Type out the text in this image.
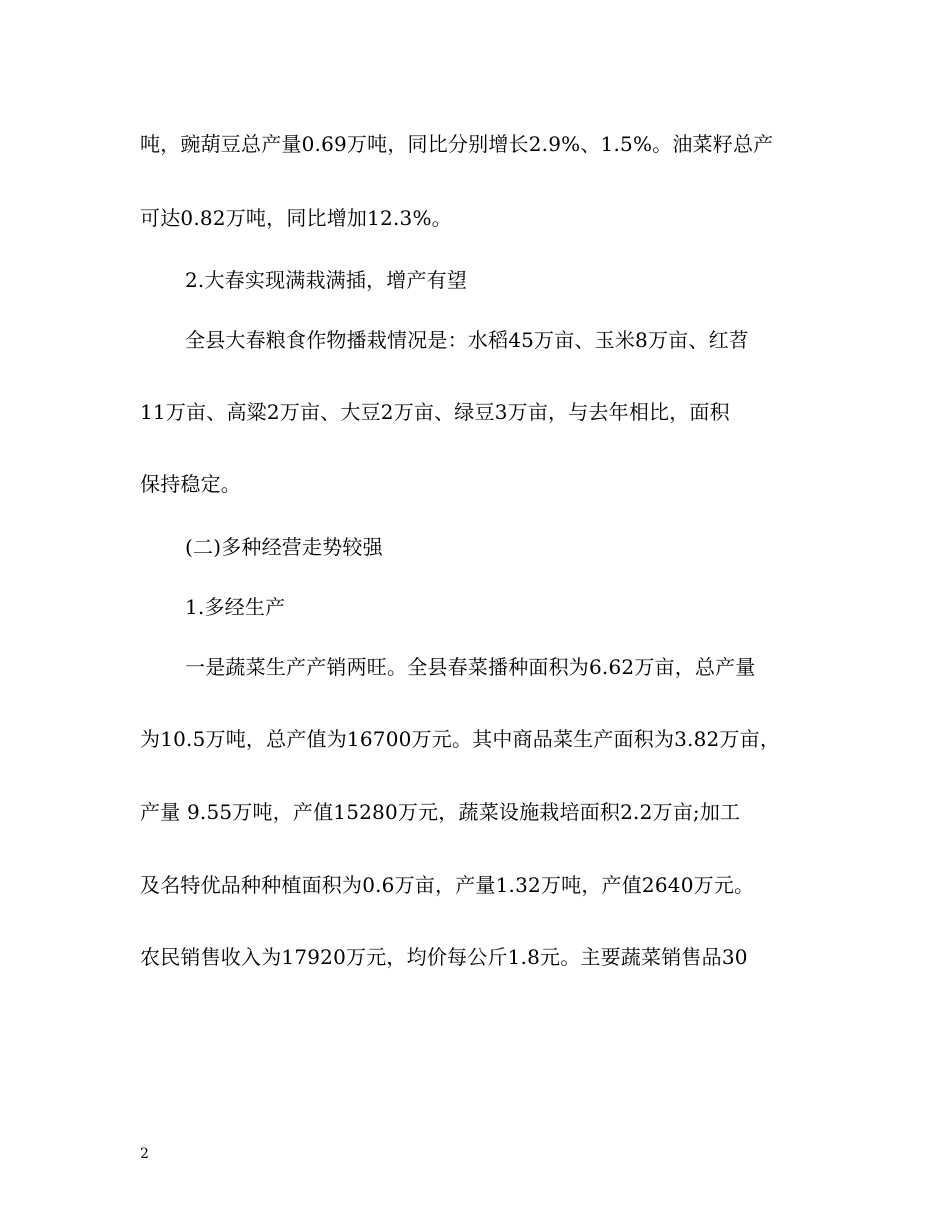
吨，豌葫豆总产量0.69万吨，同比分别增长2.9%、1.5%。油菜籽总产
可达0.82万吨，同比增加12.3%。
2.大春实现满栽满插，增产有望
全县大春粮食作物播栽情况是：水稻45万亩、玉米8万亩、红苕
11万亩、高粱2万亩、大豆2万亩、绿豆3万亩，与去年相比，面积
保持稳定。
(二)多种经营走势较强
1.多经生产
一是蔬菜生产产销两旺。全县春菜播种面积为6.62万亩，总产量
为10.5万吨，总产值为16700万元。其中商品菜生产面积为3.82万亩，
产量 9.55万吨，产值15280万元，蔬菜设施栽培面积2.2万亩;加工
及名特优品种种植面积为0.6万亩，产量1.32万吨，产值2640万元。
农民销售收入为17920万元，均价每公斤1.8元。主要蔬菜销售品30
2
